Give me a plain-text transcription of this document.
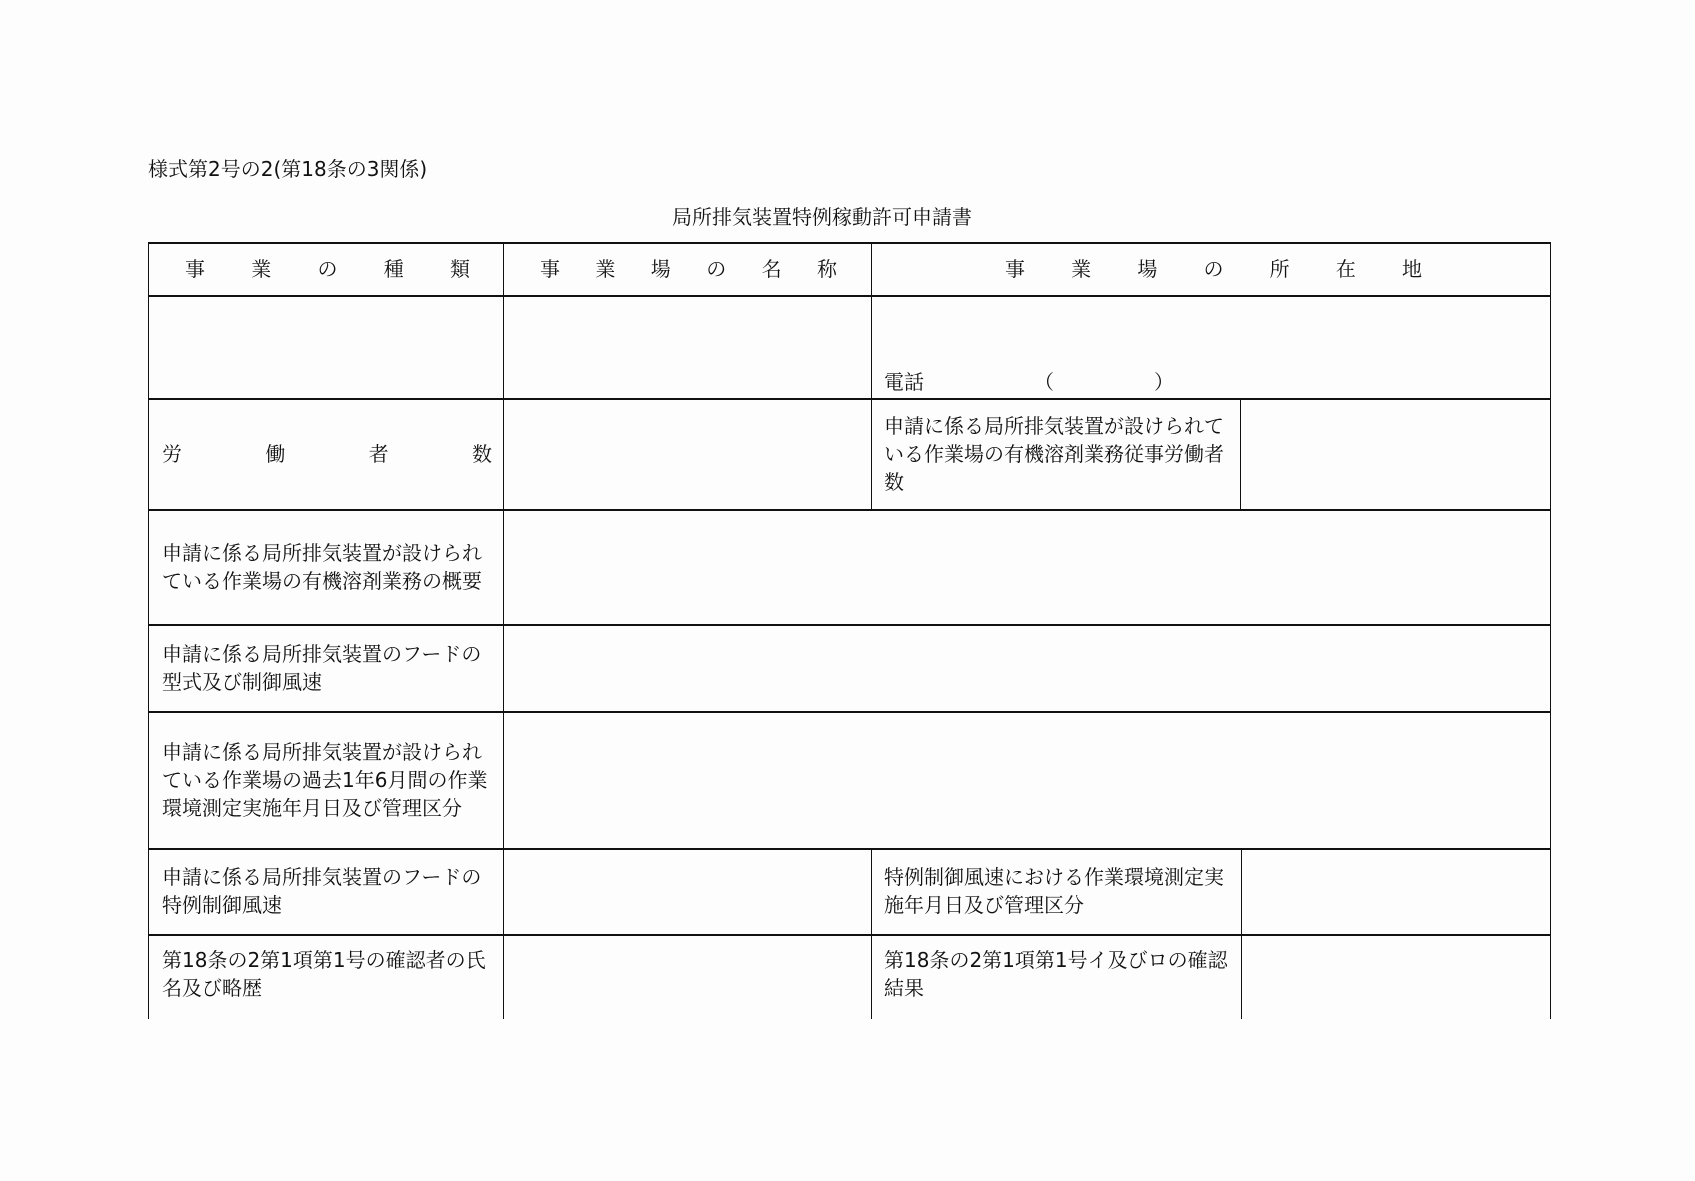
様式第2号の2(第18条の3関係)
局所排気装置特例稼動許可申請書
事　業　の　種　類	事　業　場　の　名　称	事　業　場　の　所　在　地
電話　　　　　　（　　　　　）
労　　働　　者　　数
申請に係る局所排気装置が設けられている作業場の有機溶剤業務従事労働者数
申請に係る局所排気装置が設けられている作業場の有機溶剤業務の概要
申請に係る局所排気装置のフードの型式及び制御風速
申請に係る局所排気装置が設けられている作業場の過去1年6月間の作業環境測定実施年月日及び管理区分
申請に係る局所排気装置のフードの特例制御風速
特例制御風速における作業環境測定実施年月日及び管理区分
第18条の2第1項第1号の確認者の氏名及び略歴
第18条の2第1項第1号イ及びロの確認結果
